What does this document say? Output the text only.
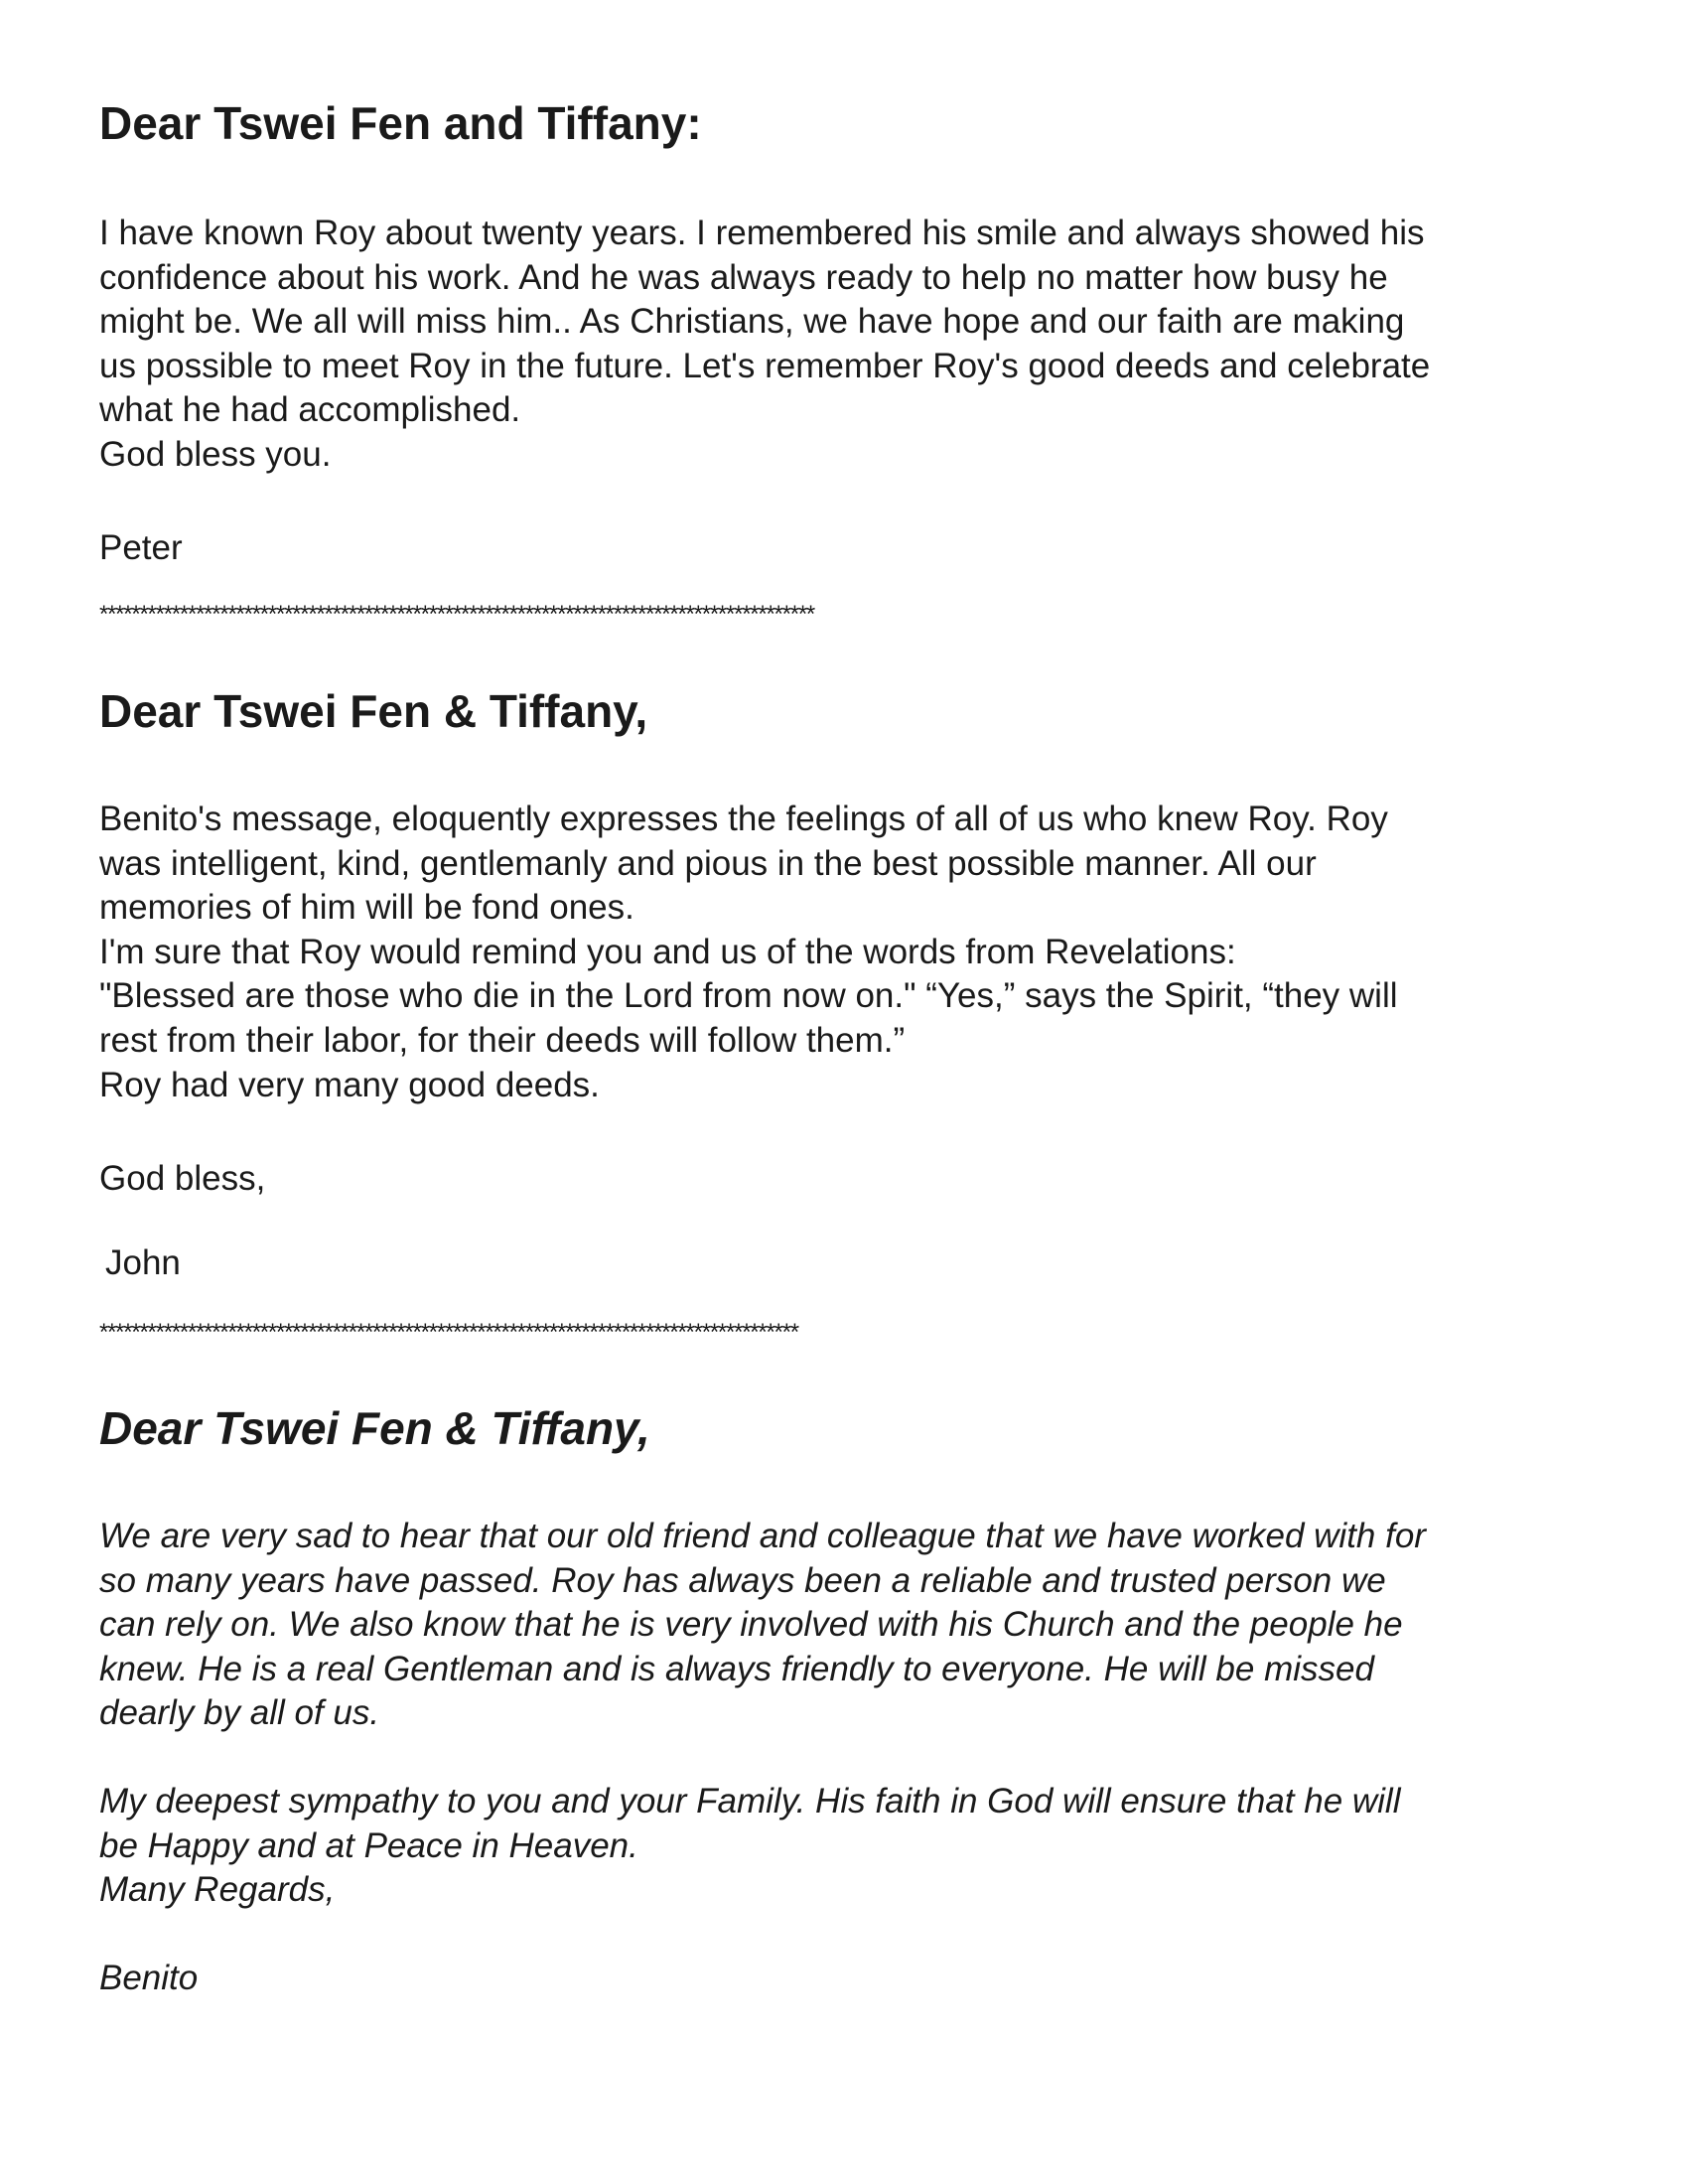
Dear Tswei Fen and Tiffany:

I have known Roy about twenty years. I remembered his smile and always showed his
confidence about his work. And he was always ready to help no matter how busy he
might be. We all will miss him.. As Christians, we have hope and our faith are making
us possible to meet Roy in the future. Let's remember Roy's good deeds and celebrate
what he had accomplished.
God bless you.

Peter

*****************************************************************************************

Dear Tswei Fen & Tiffany,

Benito's message, eloquently expresses the feelings of all of us who knew Roy. Roy
was intelligent, kind, gentlemanly and pious in the best possible manner. All our
memories of him will be fond ones.
I'm sure that Roy would remind you and us of the words from Revelations:
"Blessed are those who die in the Lord from now on." “Yes,” says the Spirit, “they will
rest from their labor, for their deeds will follow them.”
Roy had very many good deeds.

God bless,

John

***************************************************************************************

Dear Tswei Fen & Tiffany,

We are very sad to hear that our old friend and colleague that we have worked with for
so many years have passed. Roy has always been a reliable and trusted person we
can rely on. We also know that he is very involved with his Church and the people he
knew. He is a real Gentleman and is always friendly to everyone. He will be missed
dearly by all of us.

My deepest sympathy to you and your Family. His faith in God will ensure that he will
be Happy and at Peace in Heaven.

Many Regards,

Benito
